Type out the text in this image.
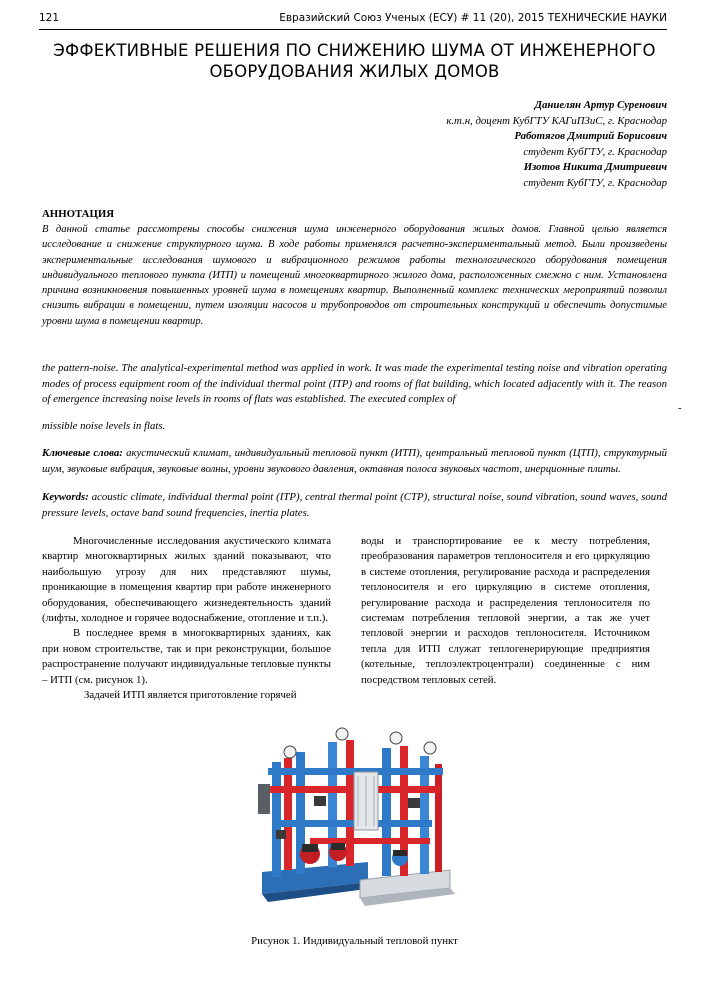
121	Евразийский Союз Ученых (ЕСУ) # 11 (20), 2015 ТЕХНИЧЕСКИЕ НАУКИ
ЭФФЕКТИВНЫЕ РЕШЕНИЯ ПО СНИЖЕНИЮ ШУМА ОТ ИНЖЕНЕРНОГО
ОБОРУДОВАНИЯ ЖИЛЫХ ДОМОВ
Даниелян Артур Суренович
к.т.н, доцент КубГТУ КАГиПЗиС, г. Краснодар
Работягов Дмитрий Борисович
студент КубГТУ, г. Краснодар
Изотов Никита Дмитриевич
студент КубГТУ, г. Краснодар
АННОТАЦИЯ

В данной статье рассмотрены способы снижения шума инженерного оборудования жилых домов. Главной целью является исследование и снижение структурного шума. В ходе работы применялся расчетно-экспериментальный метод. Были произведены экспериментальные исследования шумового и вибрационного режимов работы технологического оборудования помещения индивидуального теплового пункта (ИТП) и помещений многоквартирного жилого дома, расположенных смежно с ним. Установлена причина возникновения повышенных уровней шума в помещениях квартир. Выполненный комплекс технических мероприятий позволил снизить вибрации в помещении, путем изоляции насосов и трубопроводов от строительных конструкций и обеспечить допустимые уровни шума в помещении квартир.

the pattern-noise. The analytical-experimental method was applied in work. It was made the experimental testing noise and vibration operating modes of process equipment room of the individual thermal point (ITP) and rooms of flat building, which located adjacently with it. The reason of emergence increasing noise levels in rooms of flats was established. The executed complex of

-

missible noise levels in flats.

Ключевые слова: акустический климат, индивидуальный тепловой пункт (ИТП), центральный тепловой пункт (ЦТП), структурный шум, звуковые вибрация, звуковые волны, уровни звукового давления, октавная полоса звуковых частот, инерционные плиты.

Keywords: acoustic climate, individual thermal point (ITP), central thermal point (CTP), structural noise, sound vibration, sound waves, sound pressure levels, octave band sound frequencies, inertia plates.

Многочисленные исследования акустического климата квартир многоквартирных жилых зданий показывают, что наибольшую угрозу для них представляют шумы, проникающие в помещения квартир при работе инженерного оборудования, обеспечивающего жизнедеятельность зданий (лифты, холодное и горячее водоснабжение, отопление и т.п.).

В последнее время в многоквартирных зданиях, как при новом строительстве, так и при реконструкции, большое распространение получают индивидуальные тепловые пункты – ИТП (см. рисунок 1).

Задачей ИТП является приготовление горячей

воды и транспортирование ее к месту потребления, преобразования параметров теплоносителя и его циркуляцию в системе отопления, регулирование расхода и распределения теплоносителя и его циркуляцию в системе отопления, регулирование расхода и распределения теплоносителя по системам потребления тепловой энергии, а так же учет тепловой энергии и расходов теплоносителя. Источником тепла для ИТП служат теплогенерирующие предприятия (котельные, теплоэлектроцентрали) соединенные с ним посредством тепловых сетей.

Рисунок 1. Индивидуальный тепловой пункт
